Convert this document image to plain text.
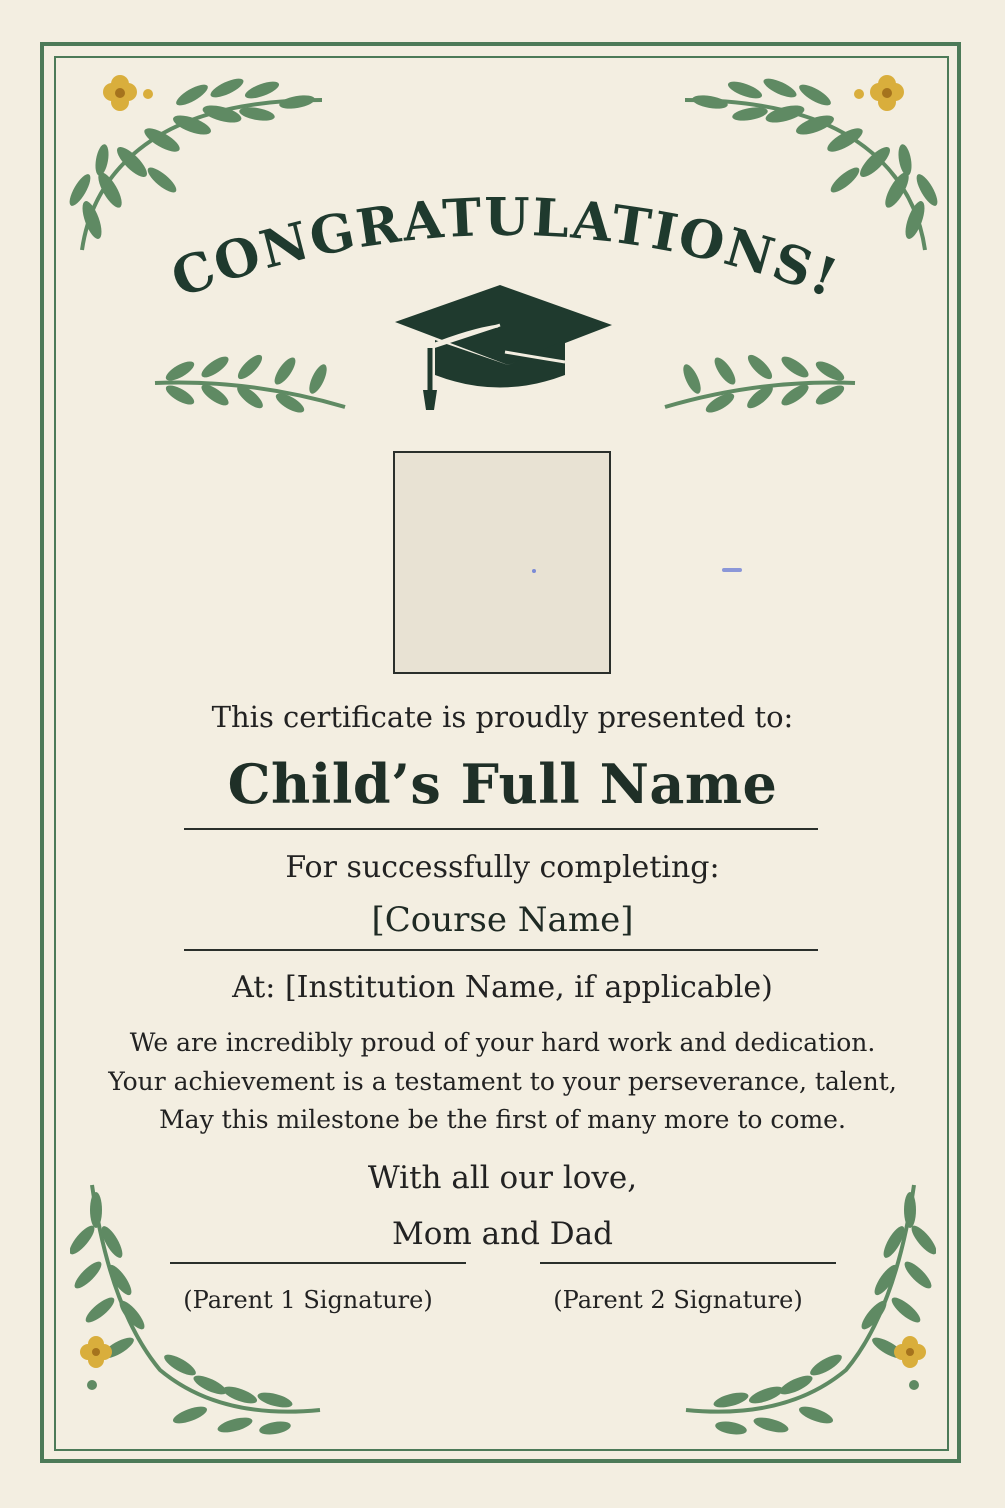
CONGRATULATIONS!
This certificate is proudly presented to:
Child’s Full Name
For successfully completing:
[Course Name]
At: [Institution Name, if applicable)
We are incredibly proud of your hard work and dedication.
Your achievement is a testament to your perseverance, talent,
May this milestone be the first of many more to come.
With all our love,
Mom and Dad
(Parent 1 Signature)	(Parent 2 Signature)
